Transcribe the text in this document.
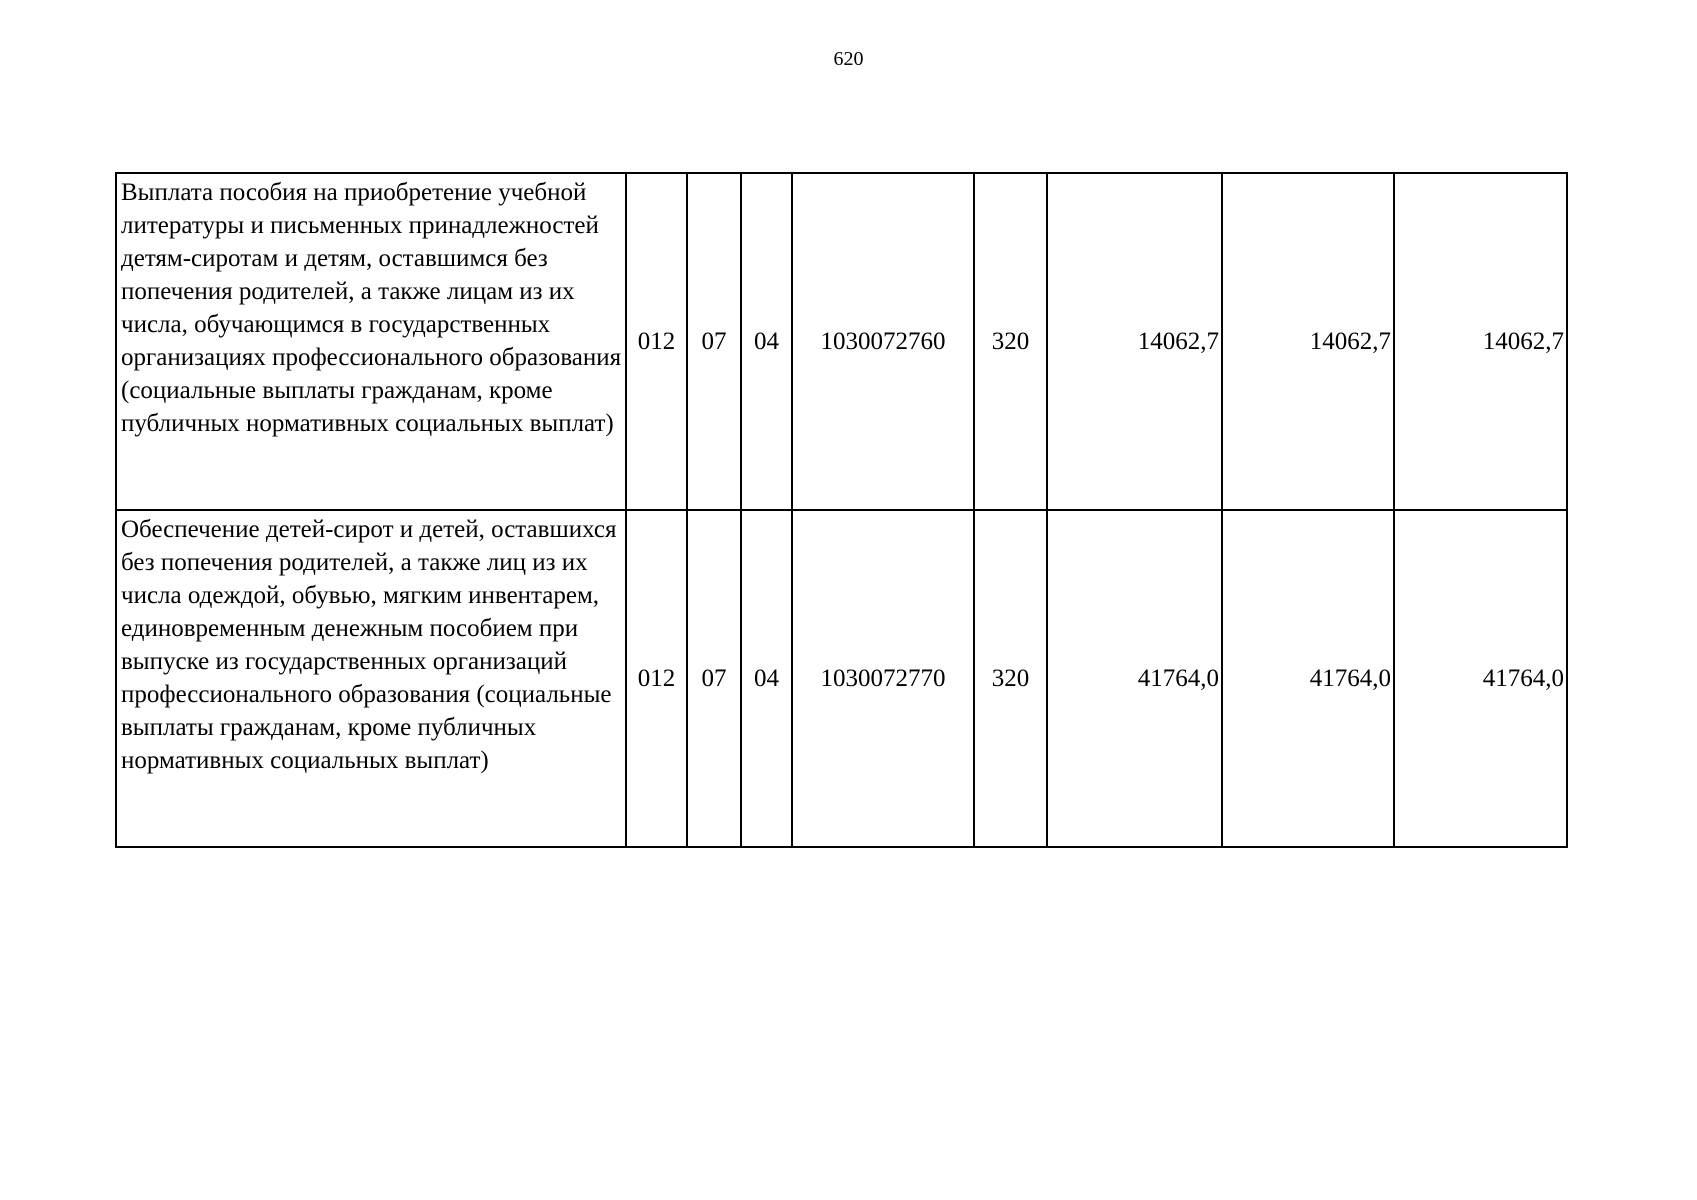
620
Выплата пособия на приобретение учебной литературы и письменных принадлежностей детям-сиротам и детям, оставшимся без попечения родителей, а также лицам из их числа, обучающимся в государственных организациях профессионального образования (социальные выплаты гражданам, кроме публичных нормативных социальных выплат)	012	07	04	1030072760	320	14062,7	14062,7	14062,7
Обеспечение детей-сирот и детей, оставшихся без попечения родителей, а также лиц из их числа одеждой, обувью, мягким инвентарем, единовременным денежным пособием при выпуске из государственных организаций профессионального образования (социальные выплаты гражданам, кроме публичных нормативных социальных выплат)	012	07	04	1030072770	320	41764,0	41764,0	41764,0
